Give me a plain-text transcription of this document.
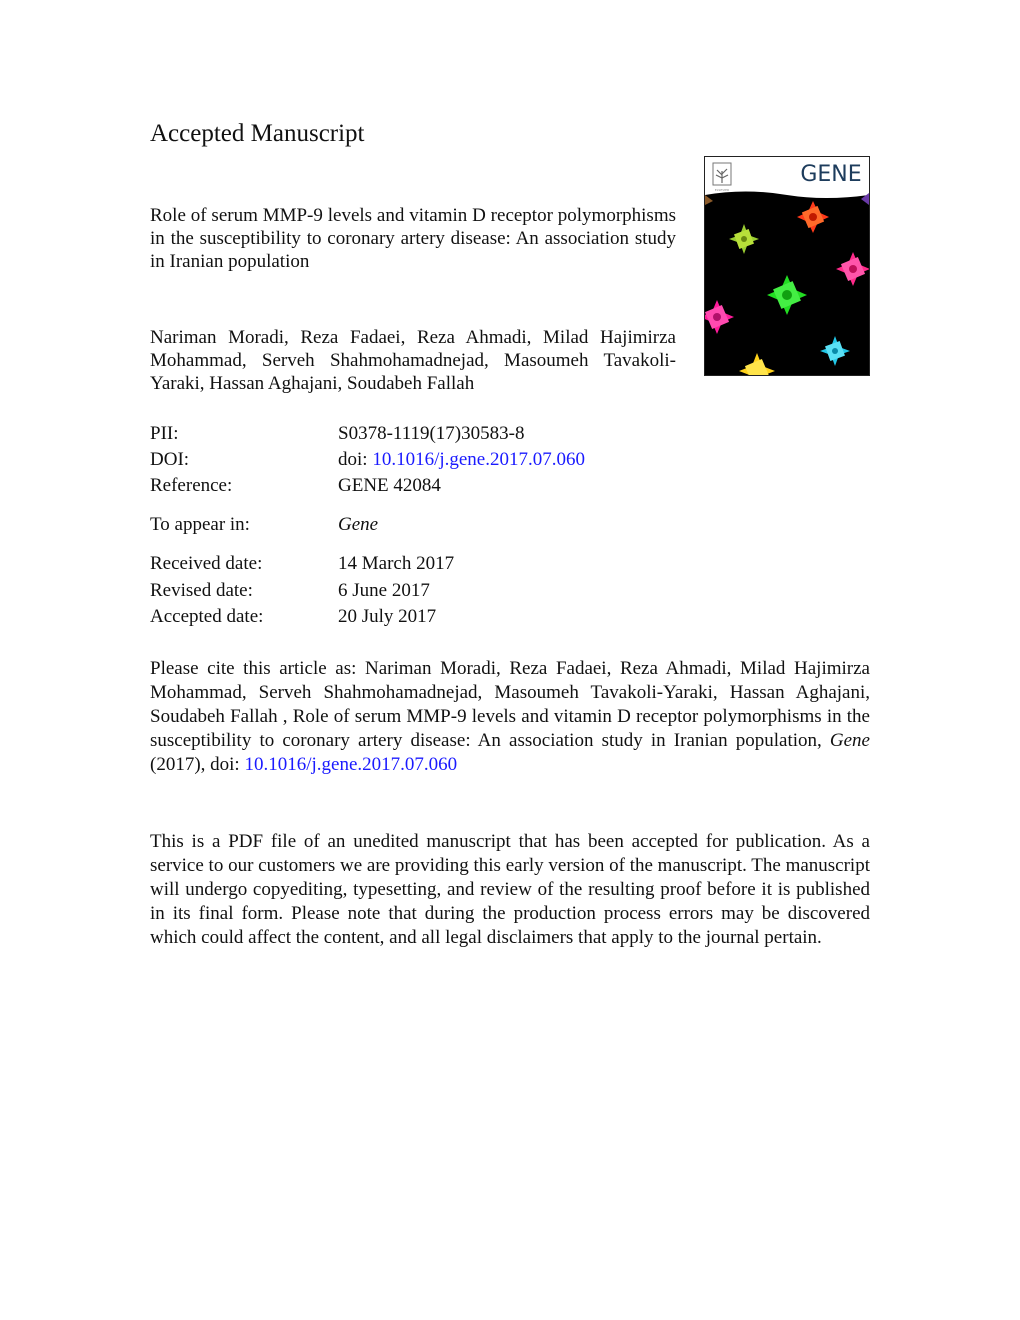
Accepted Manuscript
Role of serum MMP-9 levels and vitamin D receptor polymorphisms in the susceptibility to coronary artery disease: An association study in Iranian population
Nariman Moradi, Reza Fadaei, Reza Ahmadi, Milad Hajimirza Mohammad, Serveh Shahmohamadnejad, Masoumeh Tavakoli-Yaraki, Hassan Aghajani, Soudabeh Fallah
GENE
ELSEVIER
PII:	S0378-1119(17)30583-8
DOI:	doi: 10.1016/j.gene.2017.07.060
Reference:	GENE 42084
To appear in:	Gene
Received date:	14 March 2017
Revised date:	6 June 2017
Accepted date:	20 July 2017
Please cite this article as: Nariman Moradi, Reza Fadaei, Reza Ahmadi, Milad Hajimirza Mohammad, Serveh Shahmohamadnejad, Masoumeh Tavakoli-Yaraki, Hassan Aghajani, Soudabeh Fallah , Role of serum MMP-9 levels and vitamin D receptor polymorphisms in the susceptibility to coronary artery disease: An association study in Iranian population, Gene (2017), doi: 10.1016/j.gene.2017.07.060
This is a PDF file of an unedited manuscript that has been accepted for publication. As a service to our customers we are providing this early version of the manuscript. The manuscript will undergo copyediting, typesetting, and review of the resulting proof before it is published in its final form. Please note that during the production process errors may be discovered which could affect the content, and all legal disclaimers that apply to the journal pertain.
